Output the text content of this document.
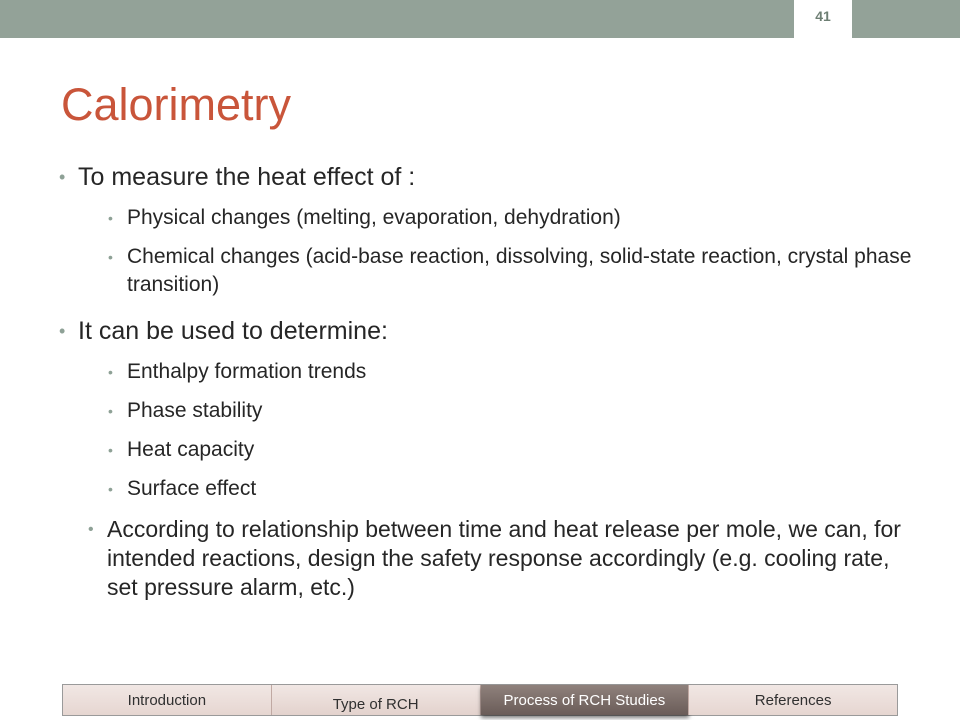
41
Calorimetry
• To measure the heat effect of :
• Physical changes (melting, evaporation, dehydration)
• Chemical changes (acid-base reaction, dissolving, solid-state reaction, crystal phase transition)
• It can be used to determine:
• Enthalpy formation trends
• Phase stability
• Heat capacity
• Surface effect
• According to relationship between time and heat release per mole, we can, for intended reactions, design the safety response accordingly (e.g. cooling rate, set pressure alarm, etc.)
Introduction	Type of RCH	Process of RCH Studies	References
